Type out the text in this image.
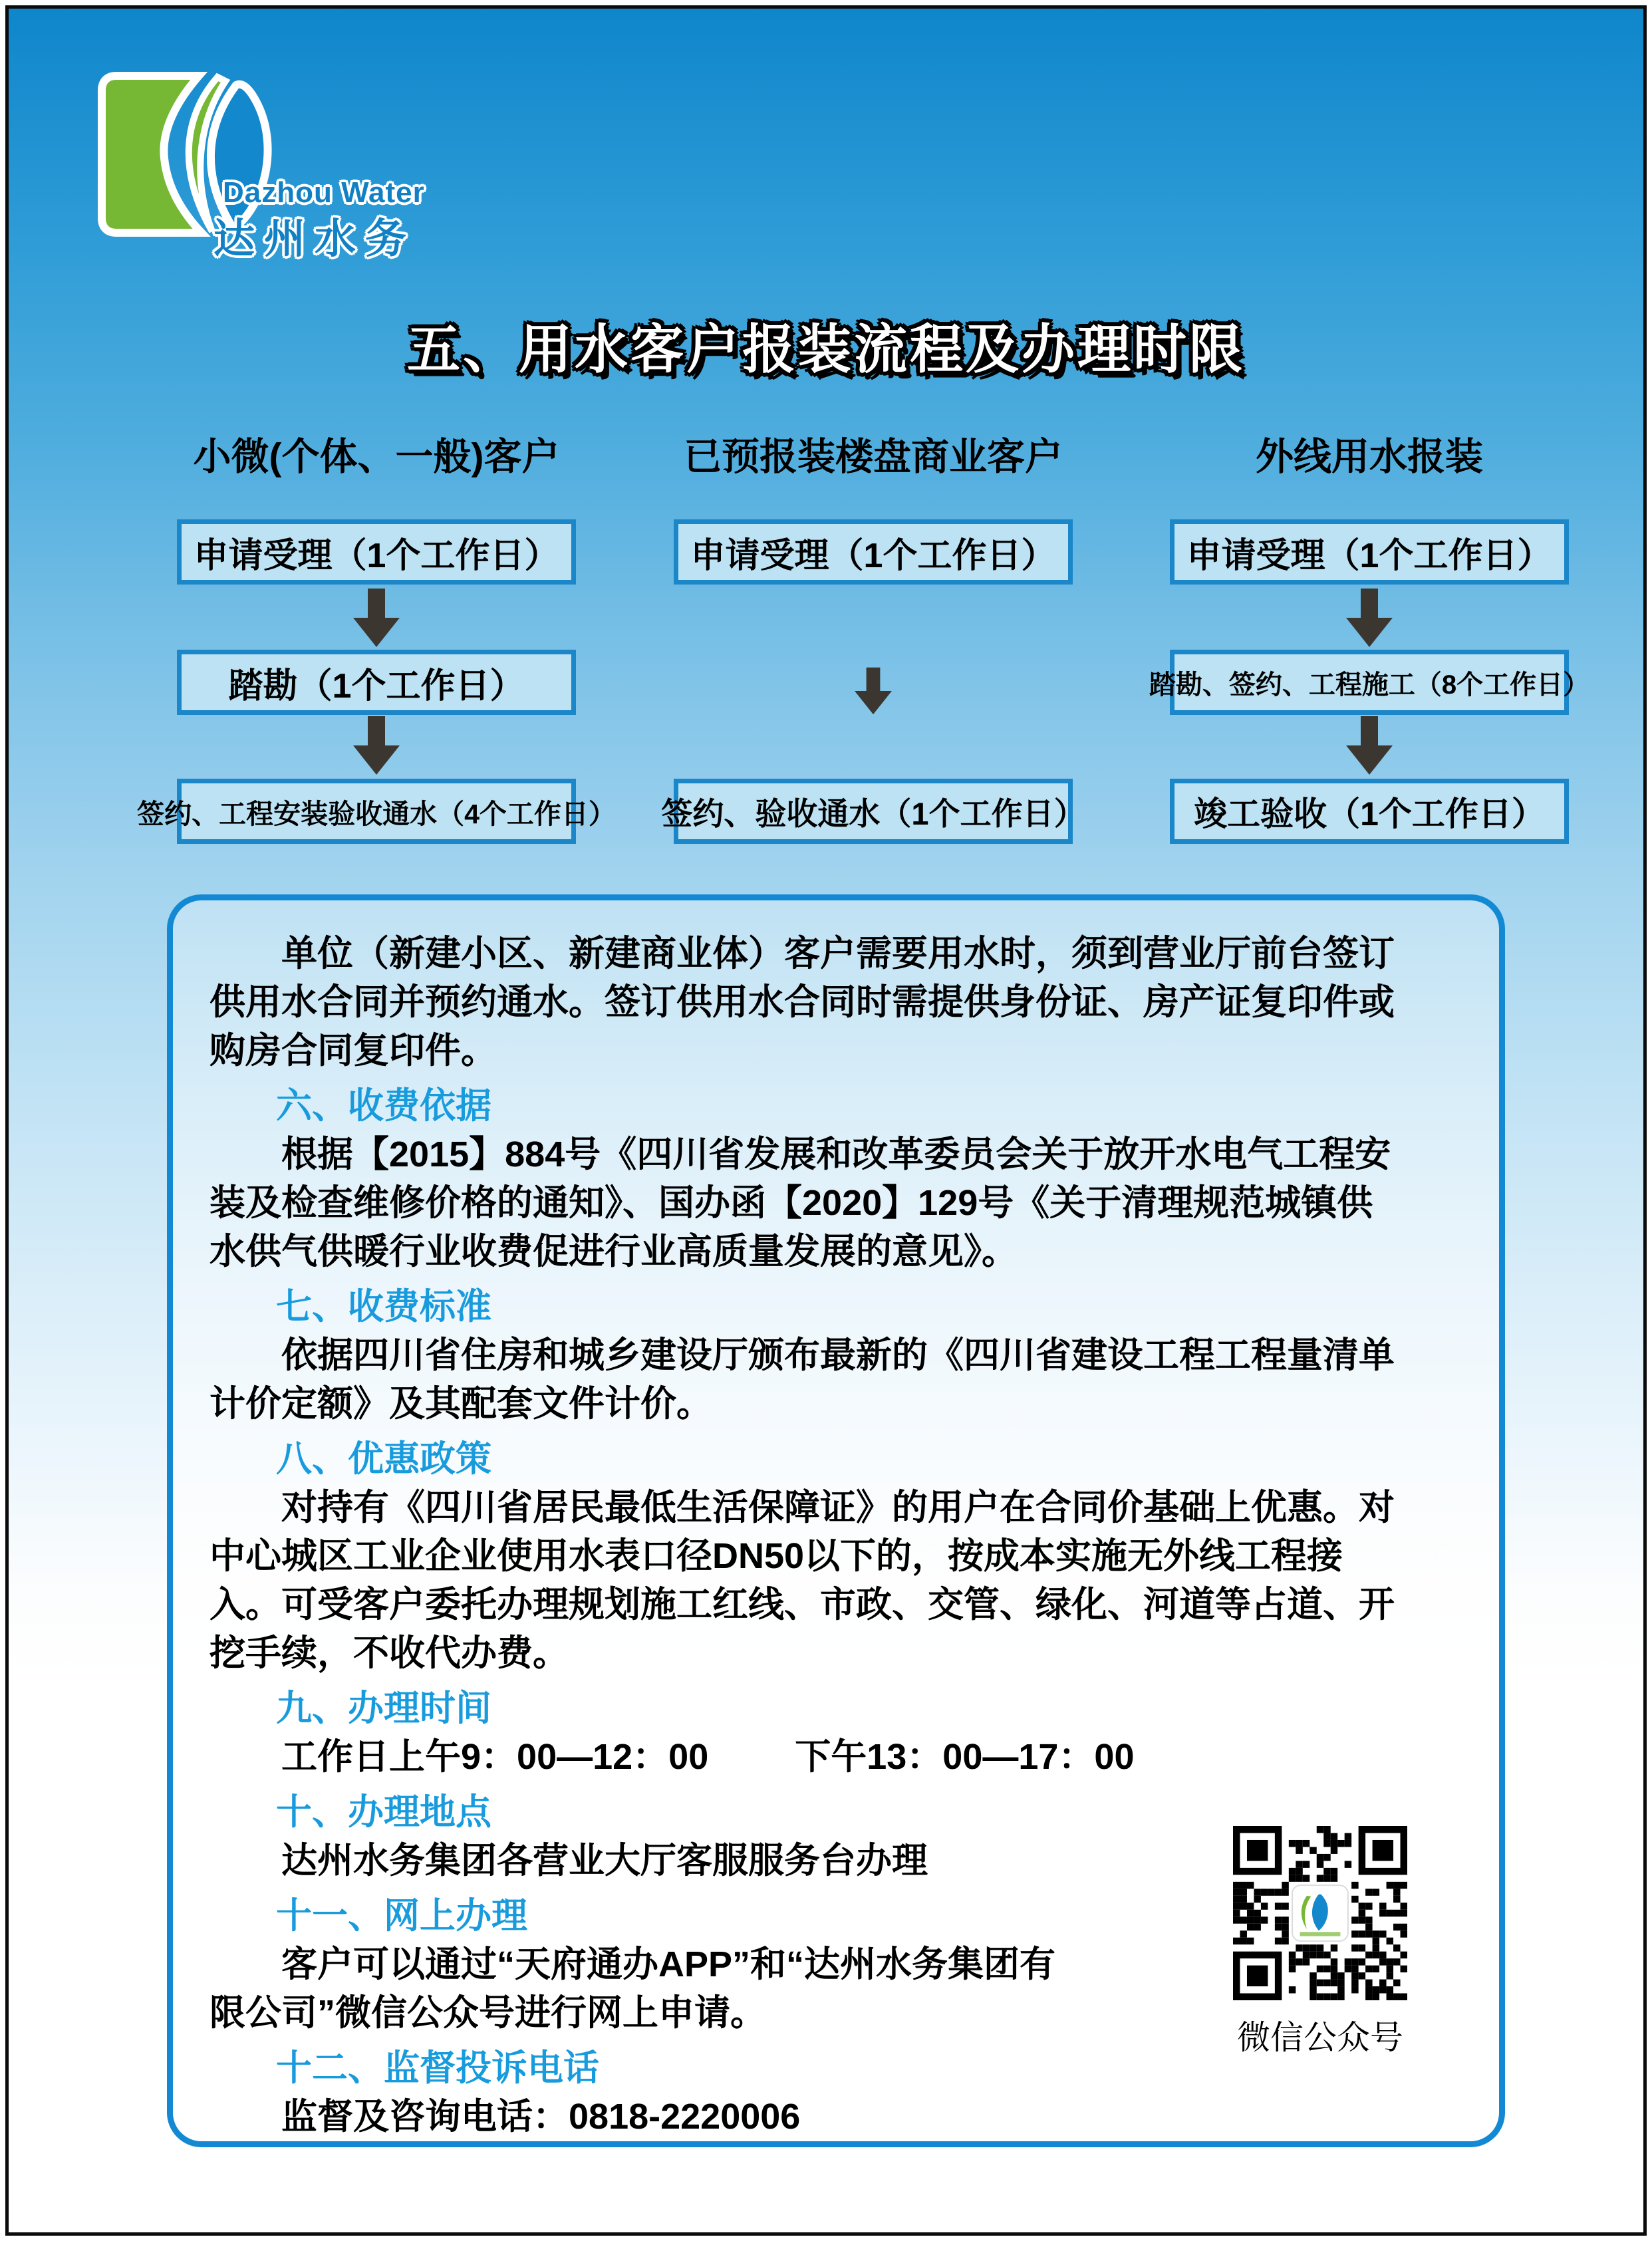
Dazhou Water
达州水务
五、用水客户报装流程及办理时限
小微(个体、一般)客户	已预报装楼盘商业客户	外线用水报装
申请受理（1个工作日）
踏勘（1个工作日）
签约、工程安装验收通水（4个工作日）
申请受理（1个工作日）
签约、验收通水（1个工作日）
申请受理（1个工作日）
踏勘、签约、工程施工（8个工作日）
竣工验收（1个工作日）

单位（新建小区、新建商业体）客户需要用水时，须到营业厅前台签订供用水合同并预约通水。签订供用水合同时需提供身份证、房产证复印件或购房合同复印件。

六、收费依据

根据【2015】884号《四川省发展和改革委员会关于放开水电气工程安装及检查维修价格的通知》、国办函【2020】129号《关于清理规范城镇供水供气供暖行业收费促进行业高质量发展的意见》。

七、收费标准

依据四川省住房和城乡建设厅颁布最新的《四川省建设工程工程量清单计价定额》及其配套文件计价。

八、优惠政策

对持有《四川省居民最低生活保障证》的用户在合同价基础上优惠。对中心城区工业企业使用水表口径DN50以下的，按成本实施无外线工程接入。可受客户委托办理规划施工红线、市政、交管、绿化、河道等占道、开挖手续，不收代办费。

九、办理时间

工作日上午9：00—12：00 下午13：00—17：00

十、办理地点

达州水务集团各营业大厅客服服务台办理

十一、网上办理

客户可以通过“天府通办APP”和“达州水务集团有限公司”微信公众号进行网上申请。

十二、监督投诉电话

监督及咨询电话：0818-2220006

微信公众号
